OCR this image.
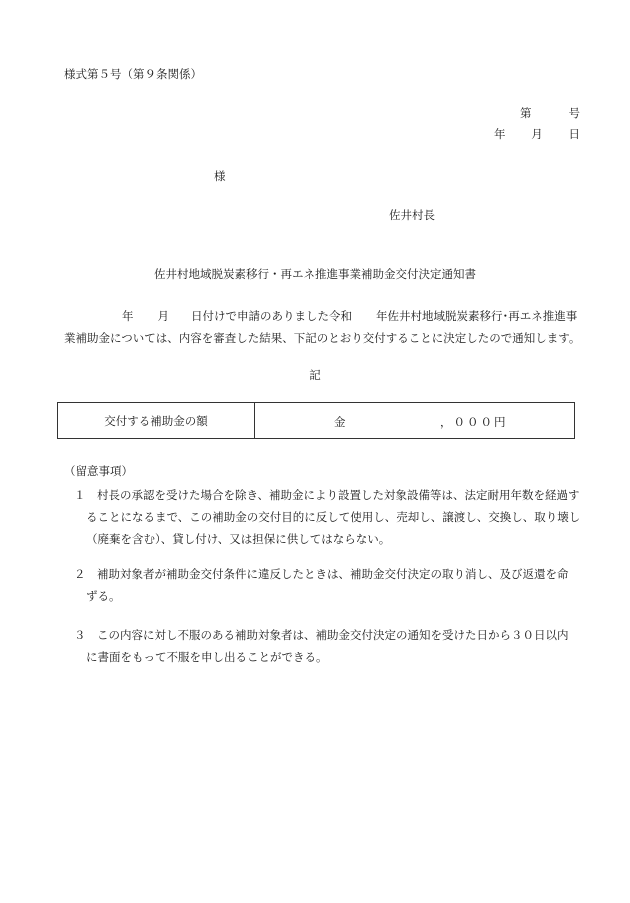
様式第５号（第９条関係）
第	号
年 月 日
様
佐井村長
佐井村地域脱炭素移行・再エネ推進事業補助金交付決定通知書
年 月 日付けで申請のありました令和 年佐井村地域脱炭素移行･再エネ推進事
業補助金については、内容を審査した結果、下記のとおり交付することに決定したので通知します。
記
交付する補助金の額	金	，０００円
（留意事項）
１　村長の承認を受けた場合を除き、補助金により設置した対象設備等は、法定耐用年数を経過す
ることになるまで、この補助金の交付目的に反して使用し、売却し、譲渡し、交換し、取り壊し
（廃棄を含む）、貸し付け、又は担保に供してはならない。
２　補助対象者が補助金交付条件に違反したときは、補助金交付決定の取り消し、及び返還を命
ずる。
３　この内容に対し不服のある補助対象者は、補助金交付決定の通知を受けた日から３０日以内
に書面をもって不服を申し出ることができる。
